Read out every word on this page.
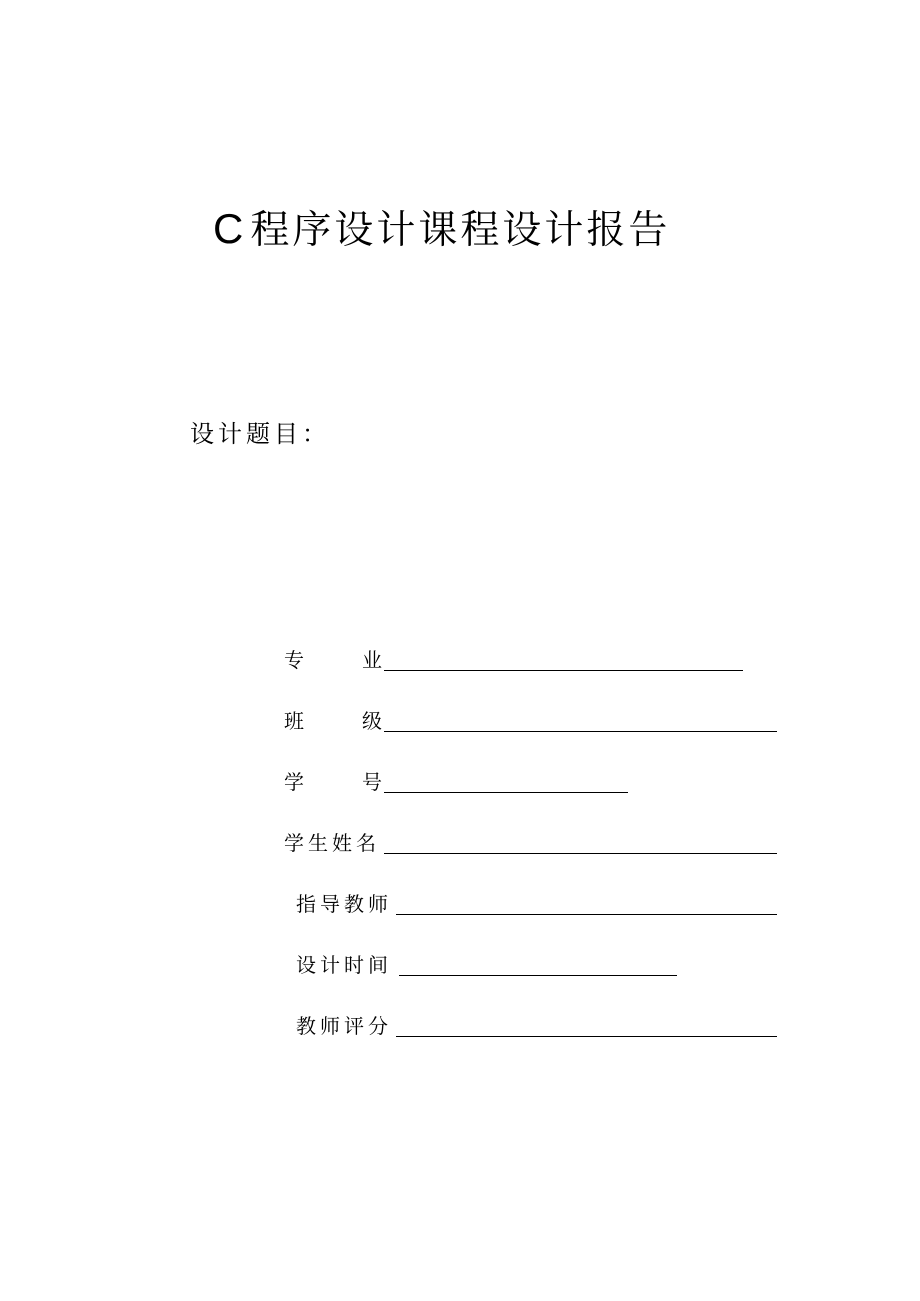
C 程序设计课程设计报告
设计题目：
专	业
班	级
学	号
学生姓名
指导教师
设计时间
教师评分
